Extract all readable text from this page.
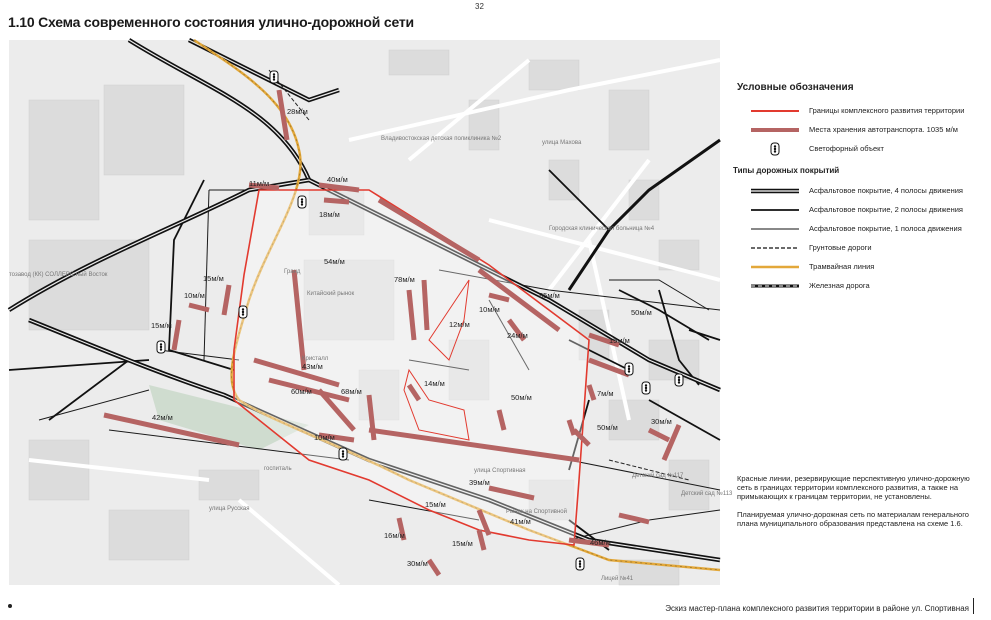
32
1.10 Схема современного состояния улично-дорожной сети
Владивостокская детская поликлиника №2
Городская клиническая больница №4
Китайский рынок
Гранд
Кристалл
госпиталь
Детский сад №117
Детский сад №113
Рынок на Спортивной
Лицей №41
улица Махова
улица Спортивная
тозавод (КК) СОЛЛЕРС ный Восток
улица Русская
28м/м
11м/м	40м/м
18м/м
54м/м
78м/м
15м/м
10м/м
15м/м	12м/м
10м/м
85м/м
24м/м
50м/м
15м/м
43м/м
60м/м	68м/м
14м/м
50м/м	7м/м
42м/м	30м/м
10м/м
50м/м
39м/м
15м/м
41м/м
16м/м
15м/м	46м/м
30м/м
Условные обозначения
Границы комплексного развития территории
Места хранения автотранспорта. 1035 м/м
Светофорный объект
Типы дорожных покрытий
Асфальтовое покрытие, 4 полосы движения
Асфальтовое покрытие, 2 полосы движения
Асфальтовое покрытие, 1 полоса движения
Грунтовые дороги
Трамвайная линия
Железная дорога

Красные линии, резервирующие перспективную улично-дорожную сеть в границах территории комплексного развития, а также на примыкающих к границам территории, не установлены.

Планируемая улично-дорожная сеть по материалам генерального плана муниципального образования представлена на схеме 1.6.

Эскиз мастер-плана комплексного развития территории в районе ул. Спортивная
